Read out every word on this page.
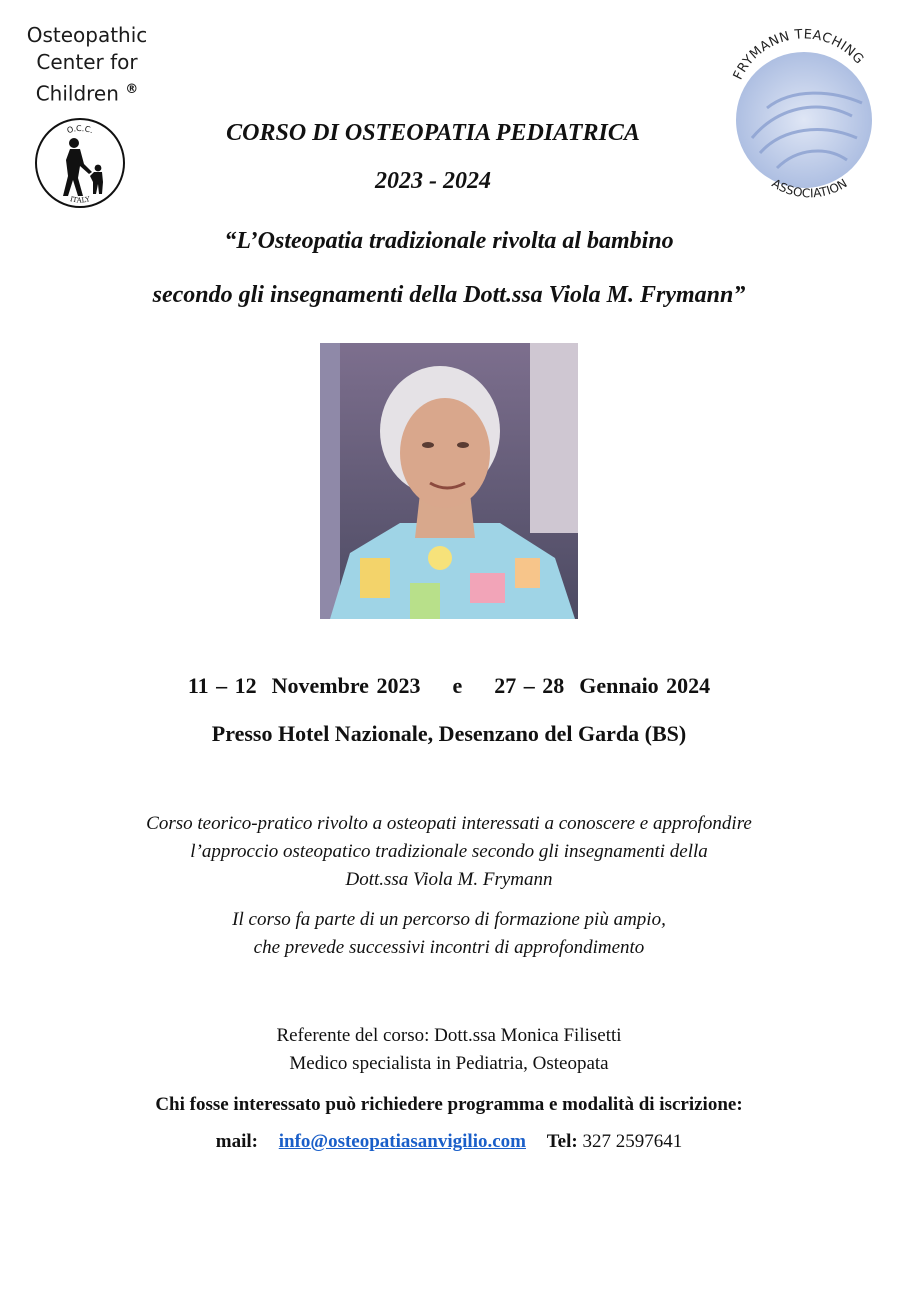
Osteopathic
Center for
Children ®
O.C.C.
ITALY
FRYMANN TEACHING
ASSOCIATION
CORSO DI OSTEOPATIA PEDIATRICA
2023 - 2024
“L’Osteopatia tradizionale rivolta al bambino
secondo gli insegnamenti della Dott.ssa Viola M. Frymann”
11 – 12  Novembre 2023 e 27 – 28  Gennaio 2024
Presso Hotel Nazionale, Desenzano del Garda (BS)
Corso teorico-pratico rivolto a osteopati interessati a conoscere e approfondire
l’approccio osteopatico tradizionale secondo gli insegnamenti della
Dott.ssa Viola M. Frymann
Il corso fa parte di un percorso di formazione più ampio,
che prevede successivi incontri di approfondimento
Referente del corso: Dott.ssa Monica Filisetti
Medico specialista in Pediatria, Osteopata
Chi fosse interessato può richiedere programma e modalità di iscrizione:
mail: info@osteopatiasanvigilio.com Tel: 327 2597641
